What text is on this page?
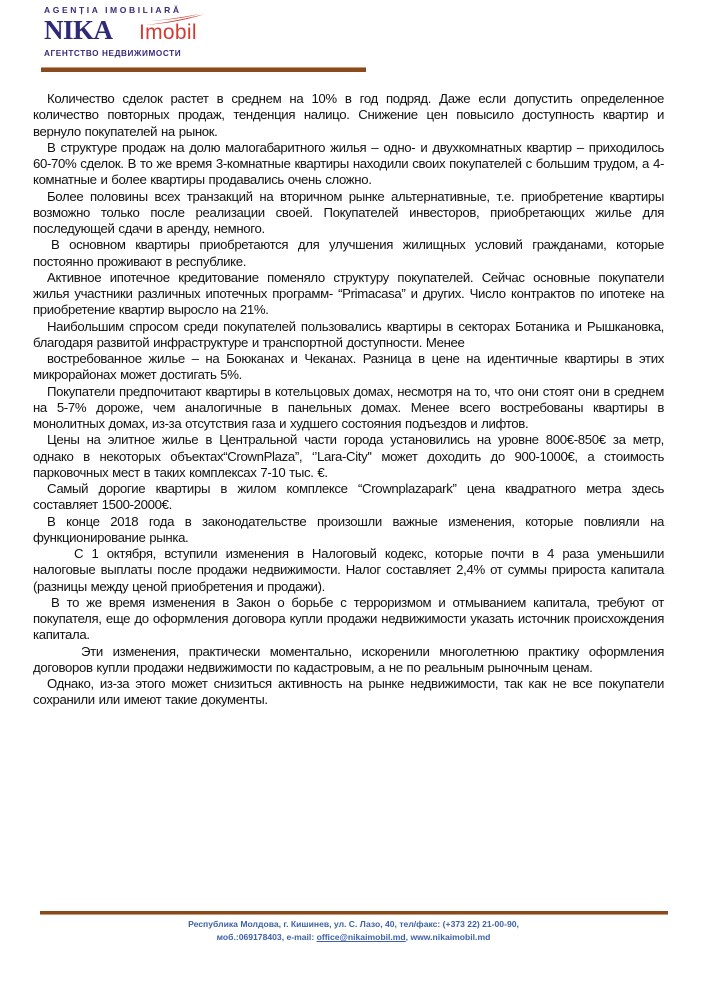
AGENȚIA IMOBILIARĂ
NIKA Imobil
АГЕНТСТВО НЕДВИЖИМОСТИ

Количество сделок растет в среднем на 10% в год подряд. Даже если допустить определенное количество повторных продаж, тенденция налицо. Снижение цен повысило доступность квартир и вернуло покупателей на рынок.

В структуре продаж на долю малогабаритного жилья – одно- и двухкомнатных квартир – приходилось 60-70% сделок. В то же время 3-комнатные квартиры находили своих покупателей с большим трудом, а 4-комнатные и более квартиры продавались очень сложно.

Более половины всех транзакций на вторичном рынке альтернативные, т.е. приобретение квартиры возможно только после реализации своей. Покупателей инвесторов, приобретающих жилье для последующей сдачи в аренду, немного.

В основном квартиры приобретаются для улучшения жилищных условий гражданами, которые постоянно проживают в республике.

Активное ипотечное кредитование поменяло структуру покупателей. Сейчас основные покупатели жилья участники различных ипотечных программ- “Primacasa” и других. Число контрактов по ипотеке на приобретение квартир выросло на 21%.

Наибольшим спросом среди покупателей пользовались квартиры в секторах Ботаника и Рышкановка, благодаря развитой инфраструктуре и транспортной доступности. Менее

востребованное жилье – на Боюканах и Чеканах. Разница в цене на идентичные квартиры в этих микрорайонах может достигать 5%.

Покупатели предпочитают квартиры в котельцовых домах, несмотря на то, что они стоят они в среднем на 5-7% дороже, чем аналогичные в панельных домах. Менее всего востребованы квартиры в монолитных домах, из-за отсутствия газа и худшего состояния подъездов и лифтов.

Цены на элитное жилье в Центральной части города установились на уровне 800€-850€ за метр, однако в некоторых объектах“CrownPlaza”, ‘’Lara-City'' может доходить до 900-1000€, а стоимость парковочных мест в таких комплексах 7-10 тыс. €.

Самый дорогие квартиры в жилом комплексе “Crownplazapark” цена квадратного метра здесь составляет 1500-2000€.

В конце 2018 года в законодательстве произошли важные изменения, которые повлияли на функционирование рынка.

С 1 октября, вступили изменения в Налоговый кодекс, которые почти в 4 раза уменьшили налоговые выплаты после продажи недвижимости. Налог составляет 2,4% от суммы прироста капитала (разницы между ценой приобретения и продажи).

В то же время изменения в Закон о борьбе с терроризмом и отмыванием капитала, требуют от покупателя, еще до оформления договора купли продажи недвижимости указать источник происхождения капитала.

Эти изменения, практически моментально, искоренили многолетнюю практику оформления договоров купли продажи недвижимости по кадастровым, а не по реальным рыночным ценам.

Однако, из-за этого может снизиться активность на рынке недвижимости, так как не все покупатели сохранили или имеют такие документы.

Республика Молдова, г. Кишинев, ул. С. Лазо, 40, тел/факс: (+373 22) 21-00-90,
моб.:069178403, e-mail: office@nikaimobil.md, www.nikaimobil.md
